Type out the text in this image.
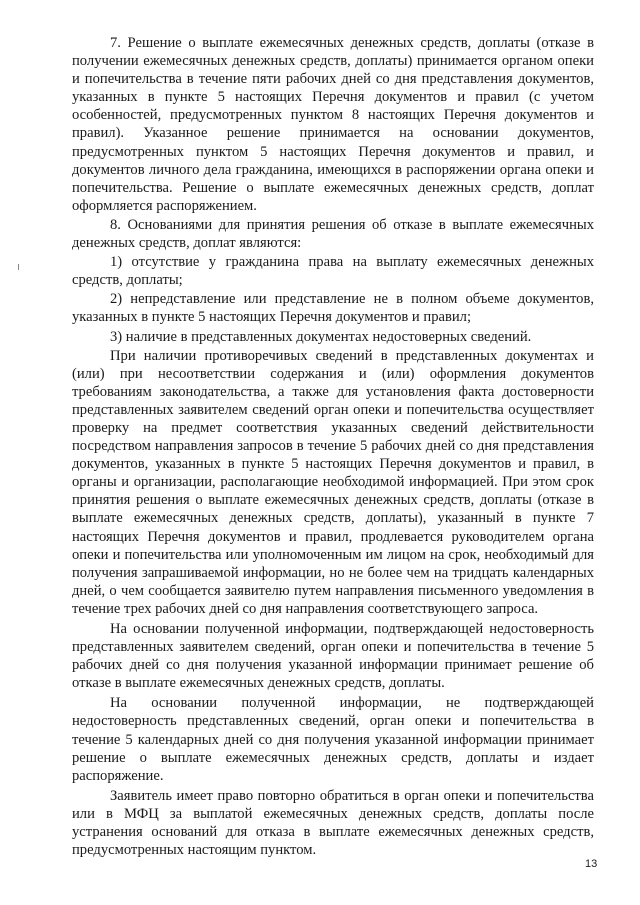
7. Решение о выплате ежемесячных денежных средств, доплаты (отказе в получении ежемесячных денежных средств, доплаты) принимается органом опеки и попечительства в течение пяти рабочих дней со дня представления документов, указанных в пункте 5 настоящих Перечня документов и правил (с учетом особенностей, предусмотренных пунктом 8 настоящих Перечня документов и правил). Указанное решение принимается на основании документов, предусмотренных пунктом 5 настоящих Перечня документов и правил, и документов личного дела гражданина, имеющихся в распоряжении органа опеки и попечительства. Решение о выплате ежемесячных денежных средств, доплат оформляется распоряжением.

8. Основаниями для принятия решения об отказе в выплате ежемесячных денежных средств, доплат являются:

1) отсутствие у гражданина права на выплату ежемесячных денежных средств, доплаты;

2) непредставление или представление не в полном объеме документов, указанных в пункте 5 настоящих Перечня документов и правил;

3) наличие в представленных документах недостоверных сведений.

При наличии противоречивых сведений в представленных документах и (или) при несоответствии содержания и (или) оформления документов требованиям законодательства, а также для установления факта достоверности представленных заявителем сведений орган опеки и попечительства осуществляет проверку на предмет соответствия указанных сведений действительности посредством направления запросов в течение 5 рабочих дней со дня представления документов, указанных в пункте 5 настоящих Перечня документов и правил, в органы и организации, располагающие необходимой информацией. При этом срок принятия решения о выплате ежемесячных денежных средств, доплаты (отказе в выплате ежемесячных денежных средств, доплаты), указанный в пункте 7 настоящих Перечня документов и правил, продлевается руководителем органа опеки и попечительства или уполномоченным им лицом на срок, необходимый для получения запрашиваемой информации, но не более чем на тридцать календарных дней, о чем сообщается заявителю путем направления письменного уведомления в течение трех рабочих дней со дня направления соответствующего запроса.

На основании полученной информации, подтверждающей недостоверность представленных заявителем сведений, орган опеки и попечительства в течение 5 рабочих дней со дня получения указанной информации принимает решение об отказе в выплате ежемесячных денежных средств, доплаты.

На основании полученной информации, не подтверждающей недостоверность представленных сведений, орган опеки и попечительства в течение 5 календарных дней со дня получения указанной информации принимает решение о выплате ежемесячных денежных средств, доплаты и издает распоряжение.

Заявитель имеет право повторно обратиться в орган опеки и попечительства или в МФЦ за выплатой ежемесячных денежных средств, доплаты после устранения оснований для отказа в выплате ежемесячных денежных средств, предусмотренных настоящим пунктом.

13
